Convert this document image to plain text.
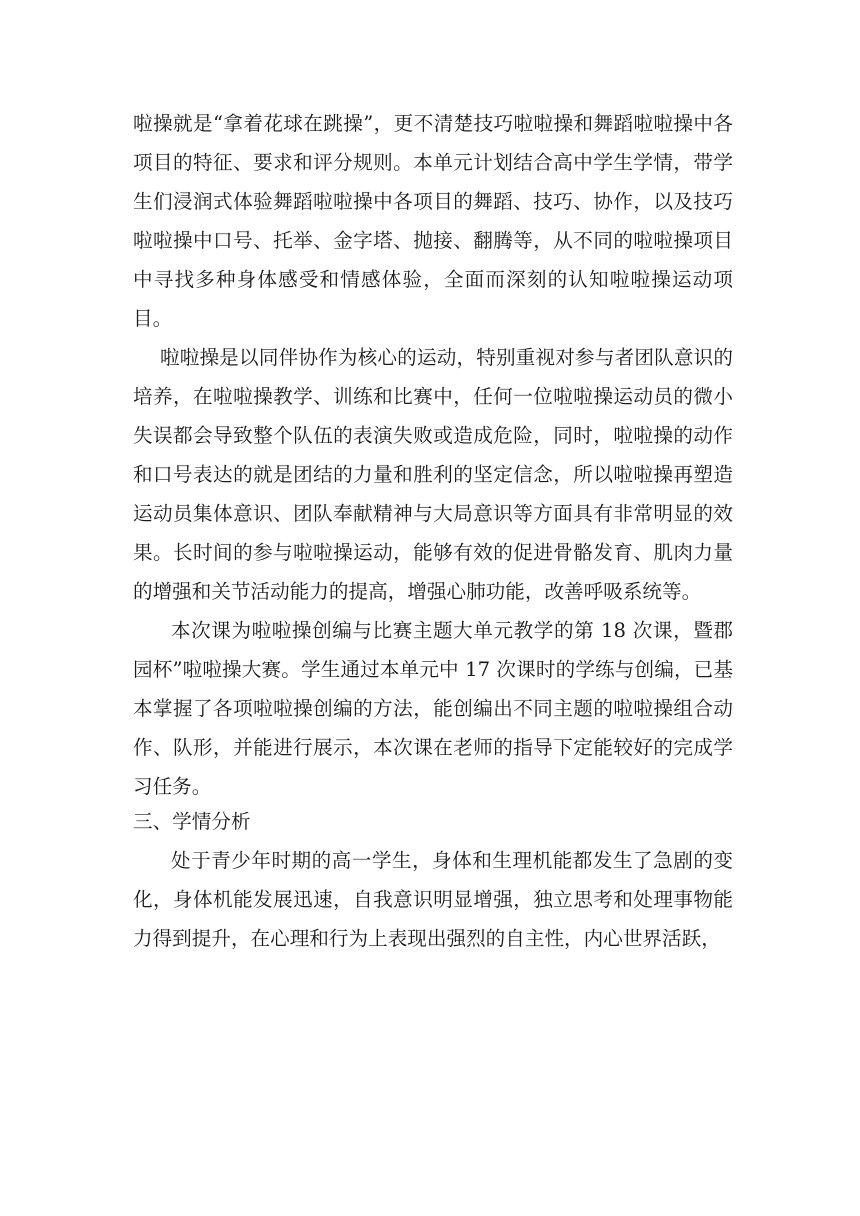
啦操就是“拿着花球在跳操”，更不清楚技巧啦啦操和舞蹈啦啦操中各项目的特征、要求和评分规则。本单元计划结合高中学生学情，带学生们浸润式体验舞蹈啦啦操中各项目的舞蹈、技巧、协作，以及技巧啦啦操中口号、托举、金字塔、抛接、翻腾等，从不同的啦啦操项目中寻找多种身体感受和情感体验，全面而深刻的认知啦啦操运动项目。

啦啦操是以同伴协作为核心的运动，特别重视对参与者团队意识的培养，在啦啦操教学、训练和比赛中，任何一位啦啦操运动员的微小失误都会导致整个队伍的表演失败或造成危险，同时，啦啦操的动作和口号表达的就是团结的力量和胜利的坚定信念，所以啦啦操再塑造运动员集体意识、团队奉献精神与大局意识等方面具有非常明显的效果。长时间的参与啦啦操运动，能够有效的促进骨骼发育、肌肉力量的增强和关节活动能力的提高，增强心肺功能，改善呼吸系统等。

本次课为啦啦操创编与比赛主题大单元教学的第 18 次课，暨郡园杯”啦啦操大赛。学生通过本单元中 17 次课时的学练与创编，已基本掌握了各项啦啦操创编的方法，能创编出不同主题的啦啦操组合动作、队形，并能进行展示，本次课在老师的指导下定能较好的完成学习任务。

三、学情分析

处于青少年时期的高一学生，身体和生理机能都发生了急剧的变化，身体机能发展迅速，自我意识明显增强，独立思考和处理事物能力得到提升，在心理和行为上表现出强烈的自主性，内心世界活跃，
